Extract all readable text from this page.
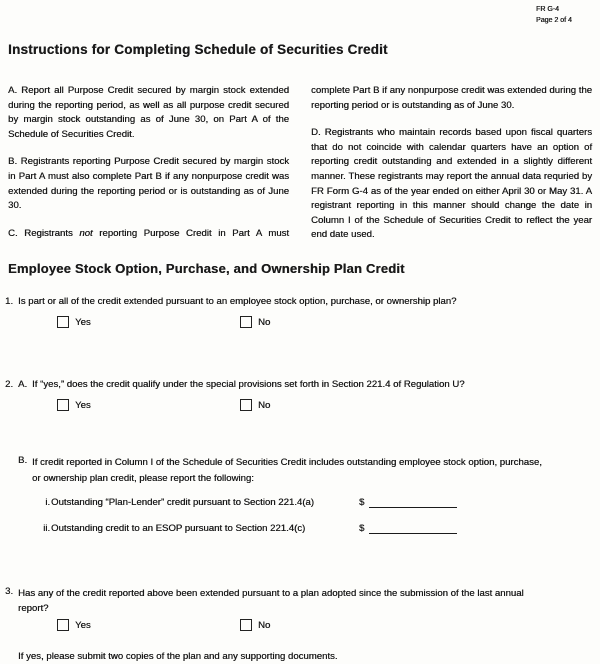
FR G-4
Page 2 of 4
Instructions for Completing Schedule of Securities Credit

A. Report all Purpose Credit secured by margin stock extended during the reporting period, as well as all purpose credit secured by margin stock outstanding as of June 30, on Part A of the Schedule of Securities Credit.

B. Registrants reporting Purpose Credit secured by margin stock in Part A must also complete Part B if any nonpurpose credit was extended during the reporting period or is outstanding as of June 30.

C. Registrants not reporting Purpose Credit in Part A must

complete Part B if any nonpurpose credit was extended during the reporting period or is outstanding as of June 30.

D. Registrants who maintain records based upon fiscal quarters that do not coincide with calendar quarters have an option of reporting credit outstanding and extended in a slightly different manner. These registrants may report the annual data requried by FR Form G-4 as of the year ended on either April 30 or May 31. A registrant reporting in this manner should change the date in Column I of the Schedule of Securities Credit to reflect the year end date used.

Employee Stock Option, Purchase, and Ownership Plan Credit
1. Is part or all of the credit extended pursuant to an employee stock option, purchase, or ownership plan?
Yes	No
2. A. If “yes,” does the credit qualify under the special provisions set forth in Section 221.4 of Regulation U?
Yes	No
B. If credit reported in Column I of the Schedule of Securities Credit includes outstanding employee stock option, purchase,
or ownership plan credit, please report the following:
i. Outstanding “Plan-Lender” credit pursuant to Section 221.4(a)	$
ii. Outstanding credit to an ESOP pursuant to Section 221.4(c)	$
3. Has any of the credit reported above been extended pursuant to a plan adopted since the submission of the last annual
report?
Yes	No
If yes, please submit two copies of the plan and any supporting documents.
